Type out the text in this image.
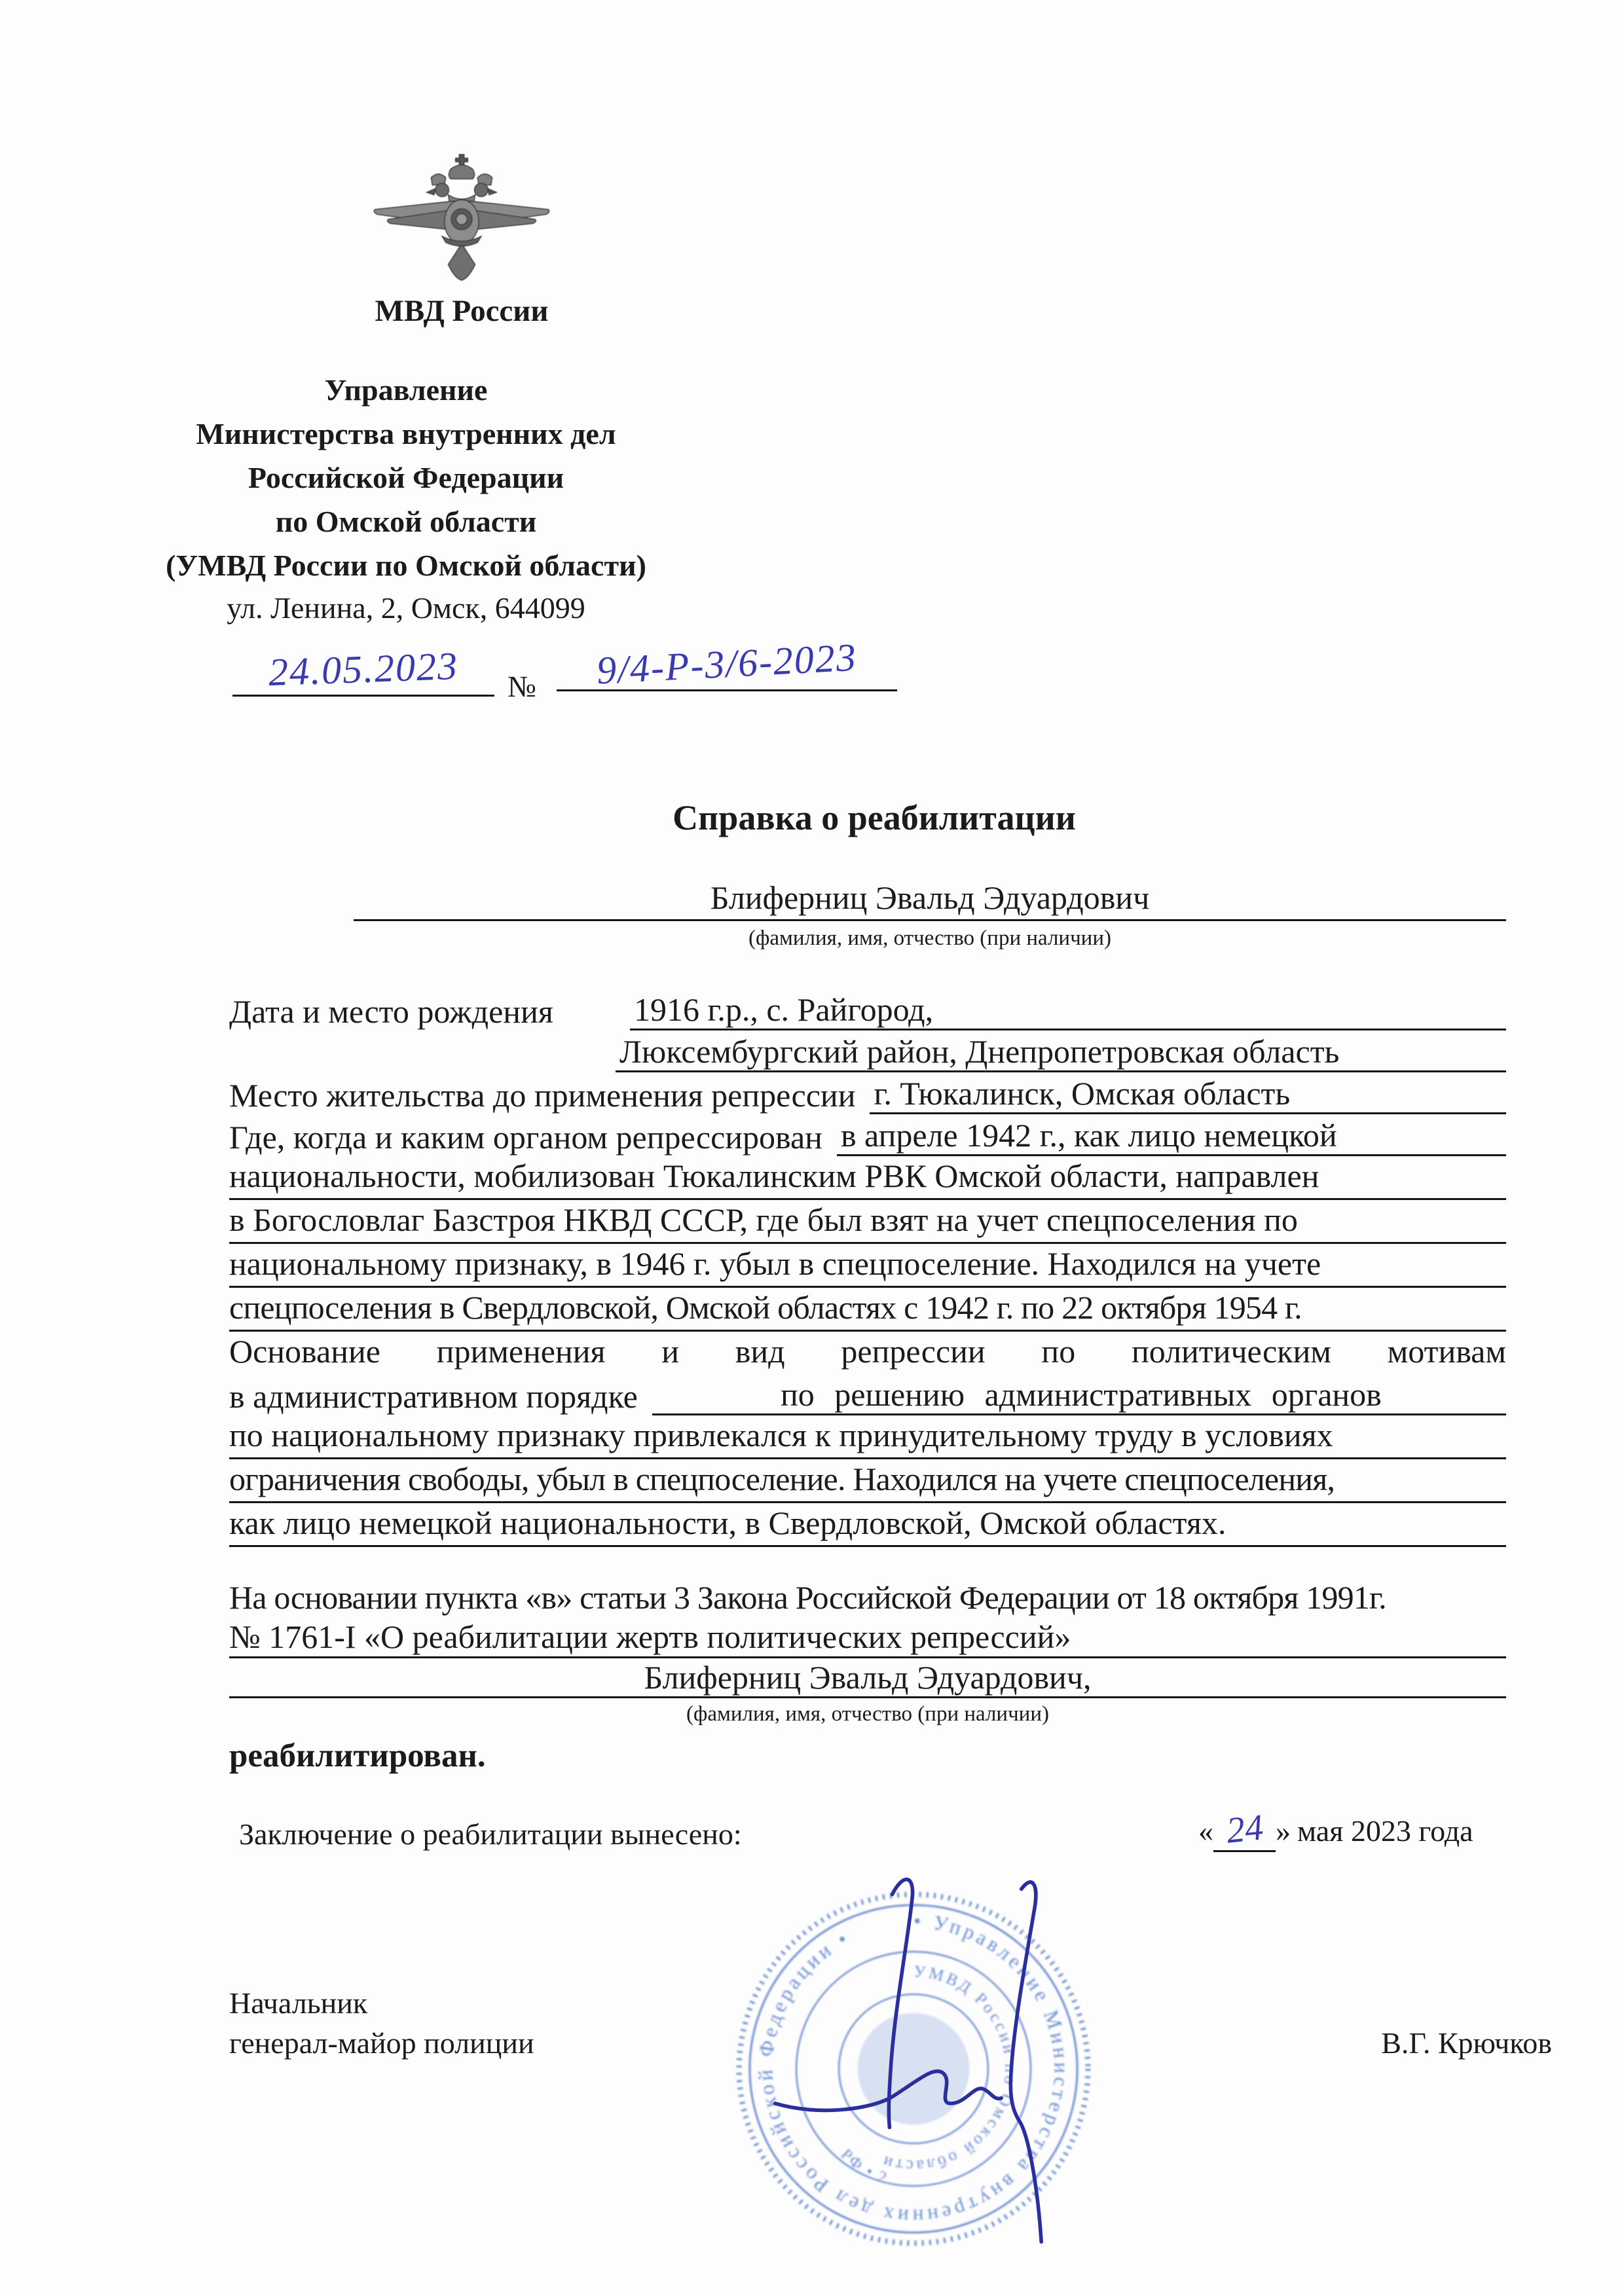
МВД России
Управление
Министерства внутренних дел
Российской Федерации
по Омской области
(УМВД России по Омской области)
ул. Ленина, 2, Омск, 644099
24.05.2023	№	9/4-Р-3/6-2023
Справка о реабилитации
Блиферниц Эвальд Эдуардович
(фамилия, имя, отчество (при наличии)
Дата и место рождения	1916 г.р., с. Райгород,
Люксембургский район, Днепропетровская область
Место жительства до применения репрессии г. Тюкалинск, Омская область
Где, когда и каким органом репрессирован в апреле 1942 г., как лицо немецкой
национальности, мобилизован Тюкалинским РВК Омской области, направлен
в Богословлаг Базстроя НКВД СССР, где был взят на учет спецпоселения по
национальному признаку, в 1946 г. убыл в спецпоселение. Находился на учете
спецпоселения в Свердловской, Омской областях с 1942 г. по 22 октября 1954 г.
Основание применения и вид репрессии по политическим мотивам
в административном порядке	по решению административных органов
по национальному признаку привлекался к принудительному труду в условиях
ограничения свободы, убыл в спецпоселение. Находился на учете спецпоселения,
как лицо немецкой национальности, в Свердловской, Омской областях.
На основании пункта «в» статьи 3 Закона Российской Федерации от 18 октября 1991г.
№ 1761-I «О реабилитации жертв политических репрессий»
Блиферниц Эвальд Эдуардович,
(фамилия, имя, отчество (при наличии)
реабилитирован.
Заключение о реабилитации вынесено:	« 24 » мая 2023 года
Начальник
генерал-майор полиции	В.Г. Крючков
• Управление Министерства внутренних дел Российской Федерации •
УМВД России по Омской области
РФ • 2
